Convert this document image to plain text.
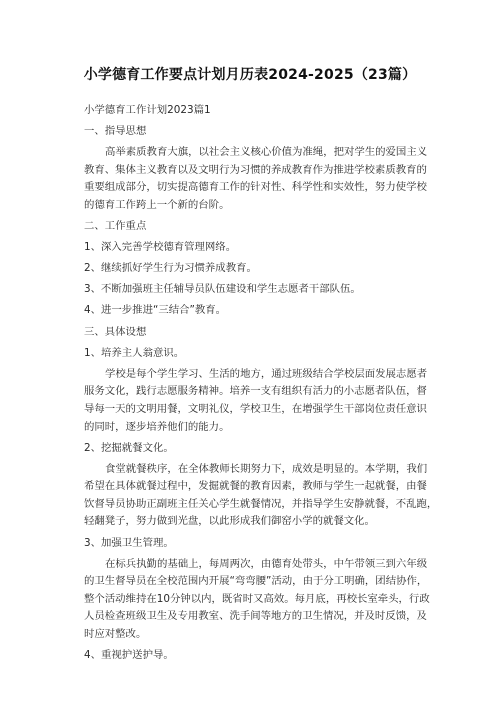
小学德育工作要点计划月历表2024-2025（23篇）

小学德育工作计划2023篇1

一、指导思想

高举素质教育大旗，以社会主义核心价值为准绳，把对学生的爱国主义

教育、集体主义教育以及文明行为习惯的养成教育作为推进学校素质教育的

重要组成部分，切实提高德育工作的针对性、科学性和实效性，努力使学校

的德育工作跨上一个新的台阶。

二、工作重点

1、深入完善学校德育管理网络。

2、继续抓好学生行为习惯养成教育。

3、不断加强班主任辅导员队伍建设和学生志愿者干部队伍。

4、进一步推进“三结合”教育。

三、具体设想

1、培养主人翁意识。

学校是每个学生学习、生活的地方，通过班级结合学校层面发展志愿者

服务文化，践行志愿服务精神。培养一支有组织有活力的小志愿者队伍，督

导每一天的文明用餐，文明礼仪，学校卫生，在增强学生干部岗位责任意识

的同时，逐步培养他们的能力。

2、挖掘就餐文化。

食堂就餐秩序，在全体教师长期努力下，成效是明显的。本学期，我们

希望在具体就餐过程中，发掘就餐的教育因素，教师与学生一起就餐，由餐

饮督导员协助正副班主任关心学生就餐情况，并指导学生安静就餐，不乱跑，

轻翻凳子，努力做到光盘，以此形成我们御窑小学的就餐文化。

3、加强卫生管理。

在标兵执勤的基础上，每周两次，由德育处带头，中午带领三到六年级

的卫生督导员在全校范围内开展“弯弯腰”活动，由于分工明确，团结协作，

整个活动维持在10分钟以内，既省时又高效。每月底，再校长室牵头，行政

人员检查班级卫生及专用教室、洗手间等地方的卫生情况，并及时反馈，及

时应对整改。

4、重视护送护导。
